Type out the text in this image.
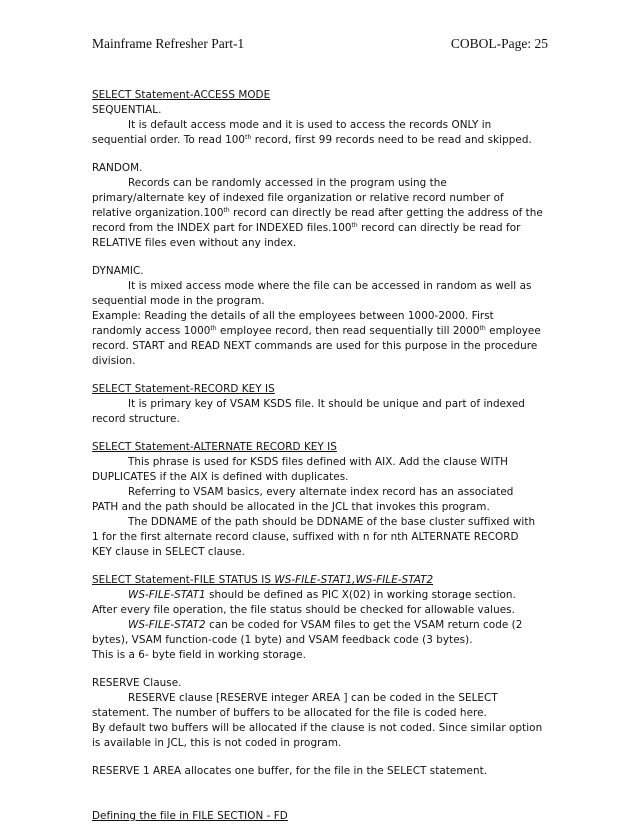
Mainframe Refresher Part-1	COBOL-Page: 25

SELECT Statement-ACCESS MODE

SEQUENTIAL.

It is default access mode and it is used to access the records ONLY in

sequential order. To read 100th record, first 99 records need to be read and skipped.

RANDOM.

Records can be randomly accessed in the program using the

primary/alternate key of indexed file organization or relative record number of

relative organization.100th record can directly be read after getting the address of the

record from the INDEX part for INDEXED files.100th record can directly be read for

RELATIVE files even without any index.

DYNAMIC.

It is mixed access mode where the file can be accessed in random as well as

sequential mode in the program.

Example: Reading the details of all the employees between 1000-2000. First

randomly access 1000th employee record, then read sequentially till 2000th employee

record. START and READ NEXT commands are used for this purpose in the procedure

division.

SELECT Statement-RECORD KEY IS

It is primary key of VSAM KSDS file. It should be unique and part of indexed

record structure.

SELECT Statement-ALTERNATE RECORD KEY IS

This phrase is used for KSDS files defined with AIX. Add the clause WITH

DUPLICATES if the AIX is defined with duplicates.

Referring to VSAM basics, every alternate index record has an associated

PATH and the path should be allocated in the JCL that invokes this program.

The DDNAME of the path should be DDNAME of the base cluster suffixed with

1 for the first alternate record clause, suffixed with n for nth ALTERNATE RECORD

KEY clause in SELECT clause.

SELECT Statement-FILE STATUS IS WS-FILE-STAT1,WS-FILE-STAT2

WS-FILE-STAT1 should be defined as PIC X(02) in working storage section.

After every file operation, the file status should be checked for allowable values.

WS-FILE-STAT2 can be coded for VSAM files to get the VSAM return code (2

bytes), VSAM function-code (1 byte) and VSAM feedback code (3 bytes).

This is a 6- byte field in working storage.

RESERVE Clause.

RESERVE clause [RESERVE integer AREA ] can be coded in the SELECT

statement. The number of buffers to be allocated for the file is coded here.

By default two buffers will be allocated if the clause is not coded. Since similar option

is available in JCL, this is not coded in program.

RESERVE 1 AREA allocates one buffer, for the file in the SELECT statement.

Defining the file in FILE SECTION - FD
